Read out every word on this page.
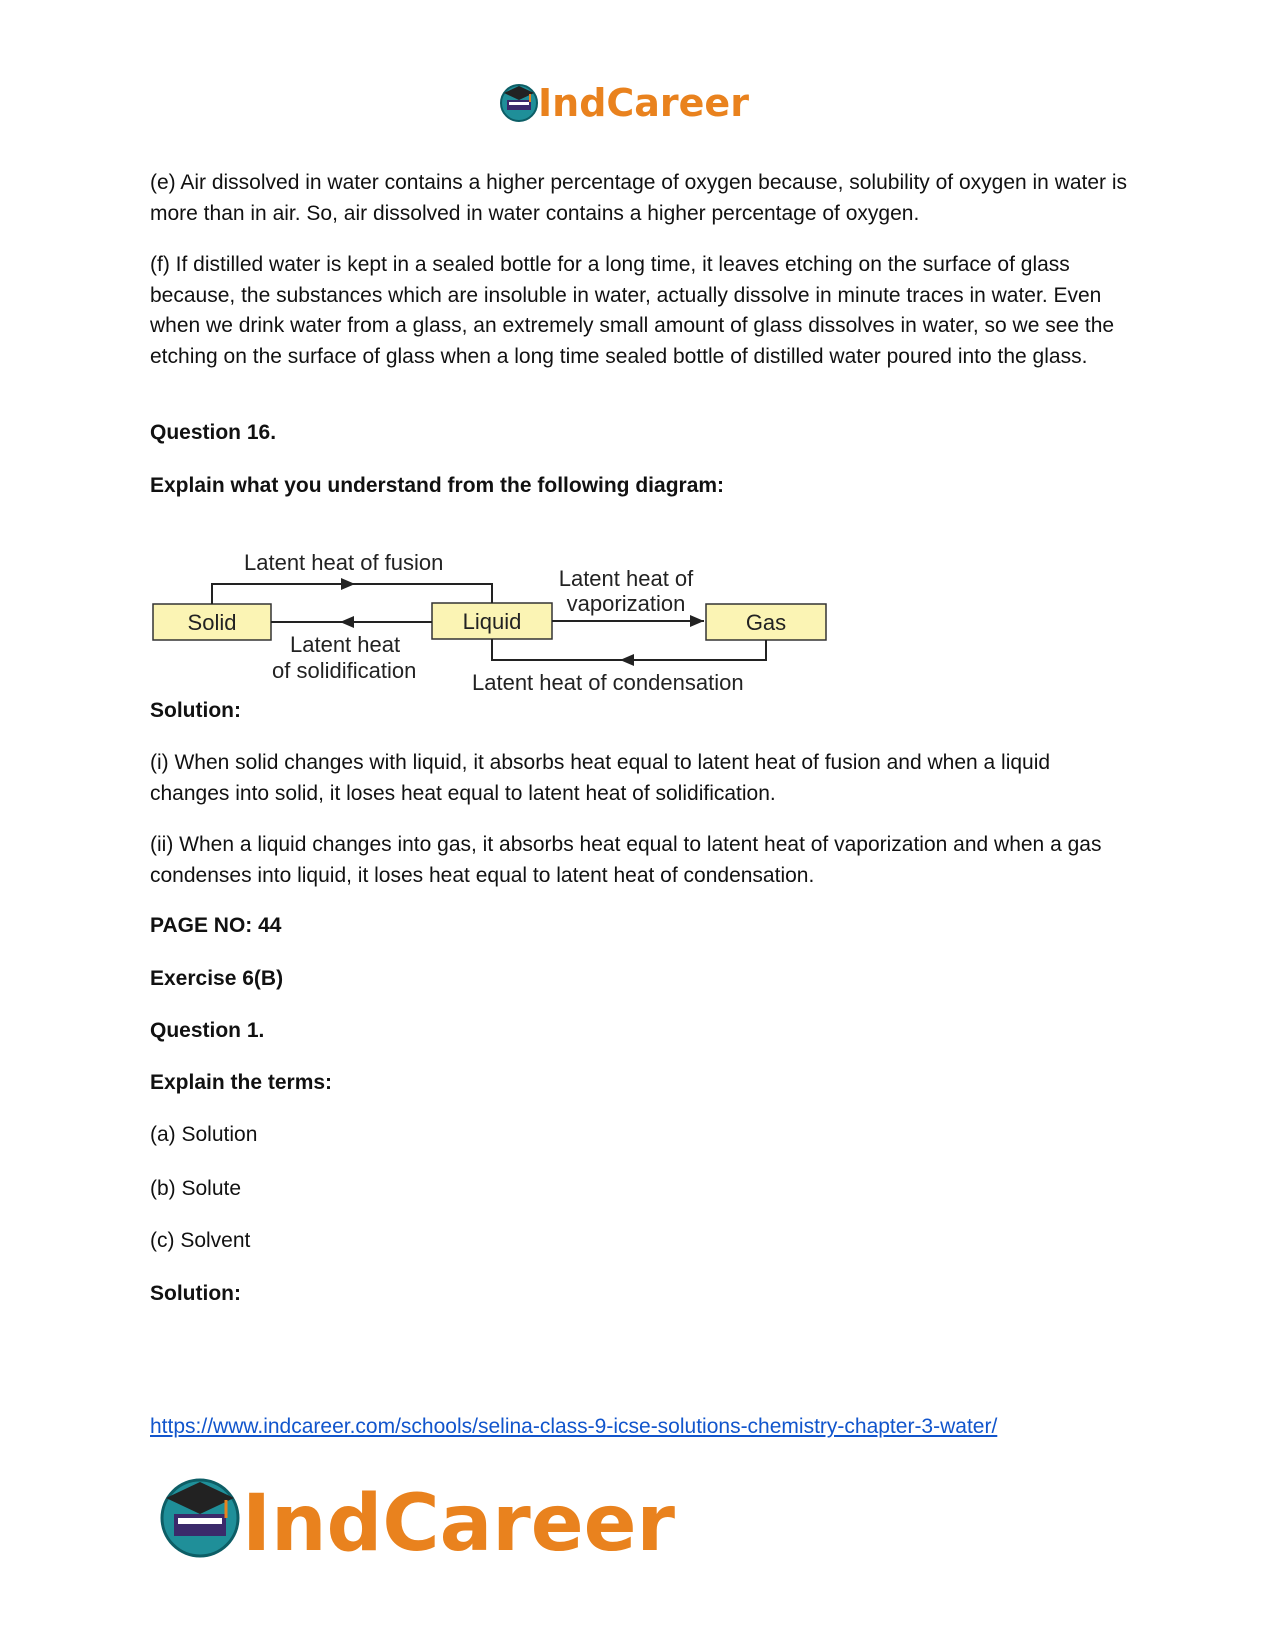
IndCareer

(e) Air dissolved in water contains a higher percentage of oxygen because, solubility of oxygen in water is more than in air. So, air dissolved in water contains a higher percentage of oxygen.

(f) If distilled water is kept in a sealed bottle for a long time, it leaves etching on the surface of glass because, the substances which are insoluble in water, actually dissolve in minute traces in water. Even when we drink water from a glass, an extremely small amount of glass dissolves in water, so we see the etching on the surface of glass when a long time sealed bottle of distilled water poured into the glass.

Question 16.

Explain what you understand from the following diagram:

Solid	Liquid	Gas
Latent heat of fusion
Latent heat
of solidification
Latent heat of
vaporization
Latent heat of condensation

Solution:

(i) When solid changes with liquid, it absorbs heat equal to latent heat of fusion and when a liquid changes into solid, it loses heat equal to latent heat of solidification.

(ii) When a liquid changes into gas, it absorbs heat equal to latent heat of vaporization and when a gas condenses into liquid, it loses heat equal to latent heat of condensation.

PAGE NO: 44

Exercise 6(B)

Question 1.

Explain the terms:

(a) Solution

(b) Solute

(c) Solvent

Solution:

https://www.indcareer.com/schools/selina-class-9-icse-solutions-chemistry-chapter-3-water/
IndCareer
